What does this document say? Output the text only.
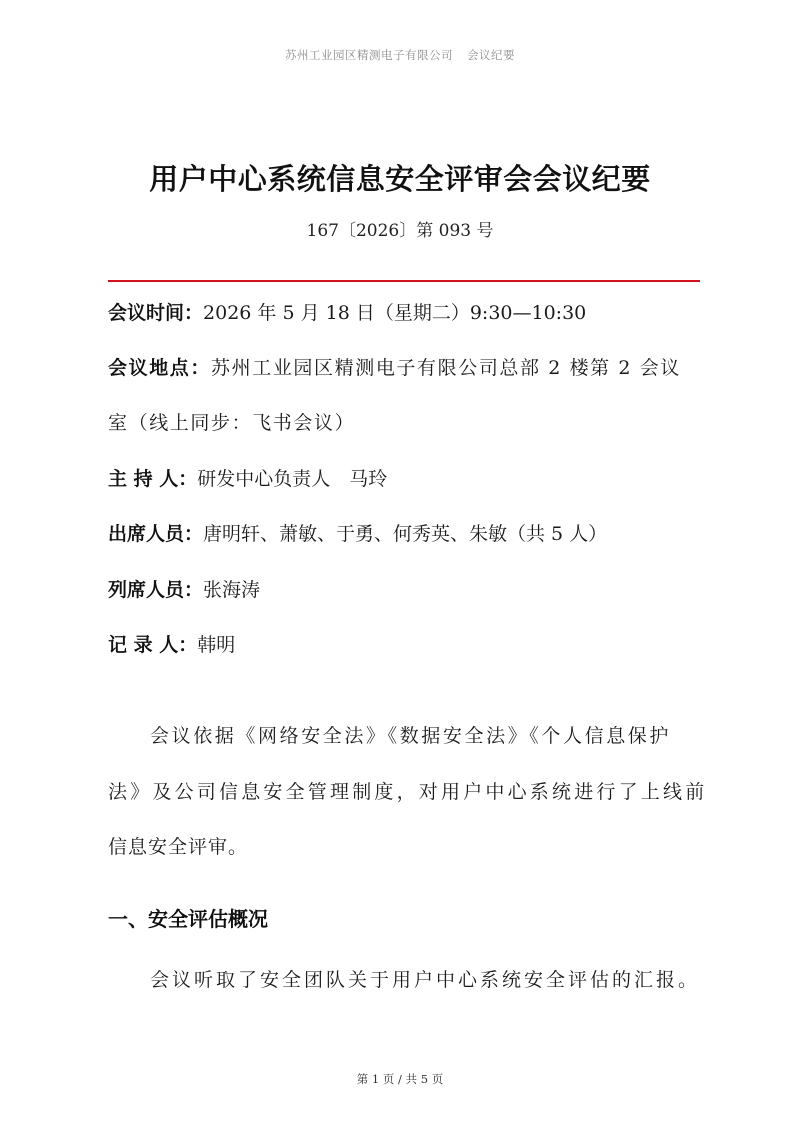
苏州工业园区精测电子有限公司 会议纪要
用户中心系统信息安全评审会会议纪要
167〔2026〕第 093 号
会议时间：2026 年 5 月 18 日（星期二）9:30—10:30
会议地点：苏州工业园区精测电子有限公司总部 2 楼第 2 会议
室（线上同步：飞书会议）
主 持 人：研发中心负责人　马玲
出席人员：唐明轩、萧敏、于勇、何秀英、朱敏（共 5 人）
列席人员：张海涛
记 录 人：韩明
会议依据《网络安全法》《数据安全法》《个人信息保护
法》及公司信息安全管理制度，对用户中心系统进行了上线前
信息安全评审。
一、安全评估概况
会议听取了安全团队关于用户中心系统安全评估的汇报。
第 1 页 / 共 5 页
